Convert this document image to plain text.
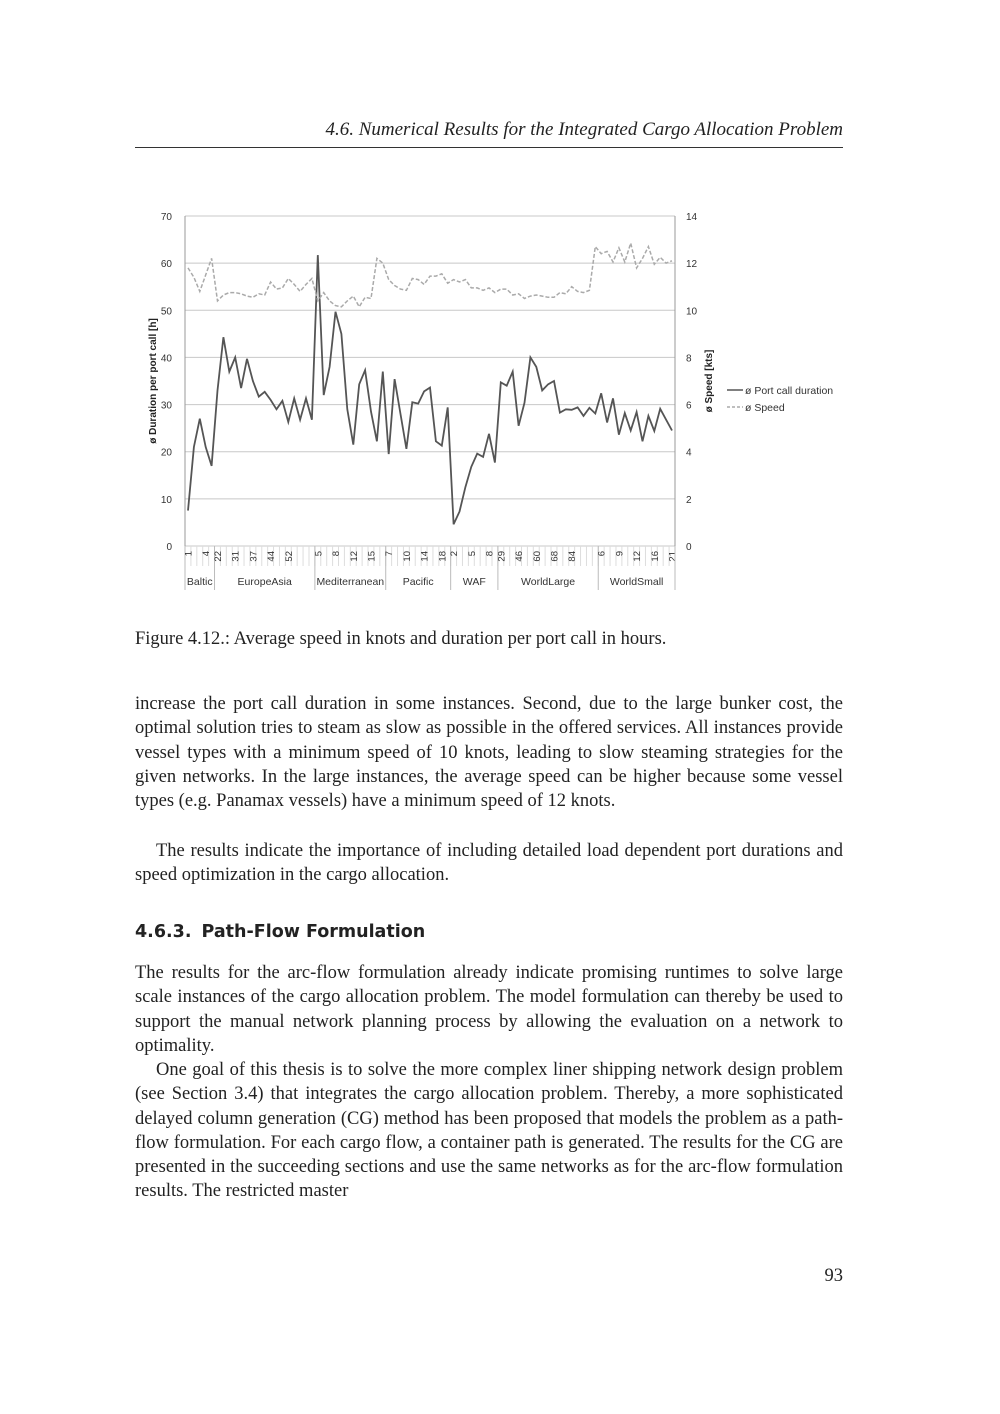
4.6. Numerical Results for the Integrated Cargo Allocation Problem
0
10
20
30
40
50
60
70
0
2
4
6
8
10
12
14
1 4
Baltic
22 31 37 44 52
EuropeAsia
5 8 12 15
Mediterranean
7 10 14 18
Pacific
2 5 8
WAF
29 46 60 68 84
WorldLarge
6 9 12 16 21
WorldSmall
ø Duration per port call [h]	ø Speed [kts]	ø Port call duration
ø Speed
Figure 4.12.: Average speed in knots and duration per port call in hours.

increase the port call duration in some instances. Second, due to the large bunker cost, the optimal solution tries to steam as slow as possible in the offered services. All instances provide vessel types with a minimum speed of 10 knots, leading to slow steaming strategies for the given networks. In the large instances, the average speed can be higher because some vessel types (e.g. Panamax vessels) have a minimum speed of 12 knots.

The results indicate the importance of including detailed load dependent port durations and speed optimization in the cargo allocation.

4.6.3. Path-Flow Formulation

The results for the arc-flow formulation already indicate promising runtimes to solve large scale instances of the cargo allocation problem. The model formulation can thereby be used to support the manual network planning process by allowing the evaluation on a network to optimality.

One goal of this thesis is to solve the more complex liner shipping network design problem (see Section 3.4) that integrates the cargo allocation problem. Thereby, a more sophisticated delayed column generation (CG) method has been proposed that models the problem as a path-flow formulation. For each cargo flow, a container path is generated. The results for the CG are presented in the succeeding sections and use the same networks as for the arc-flow formulation results. The restricted master

93
